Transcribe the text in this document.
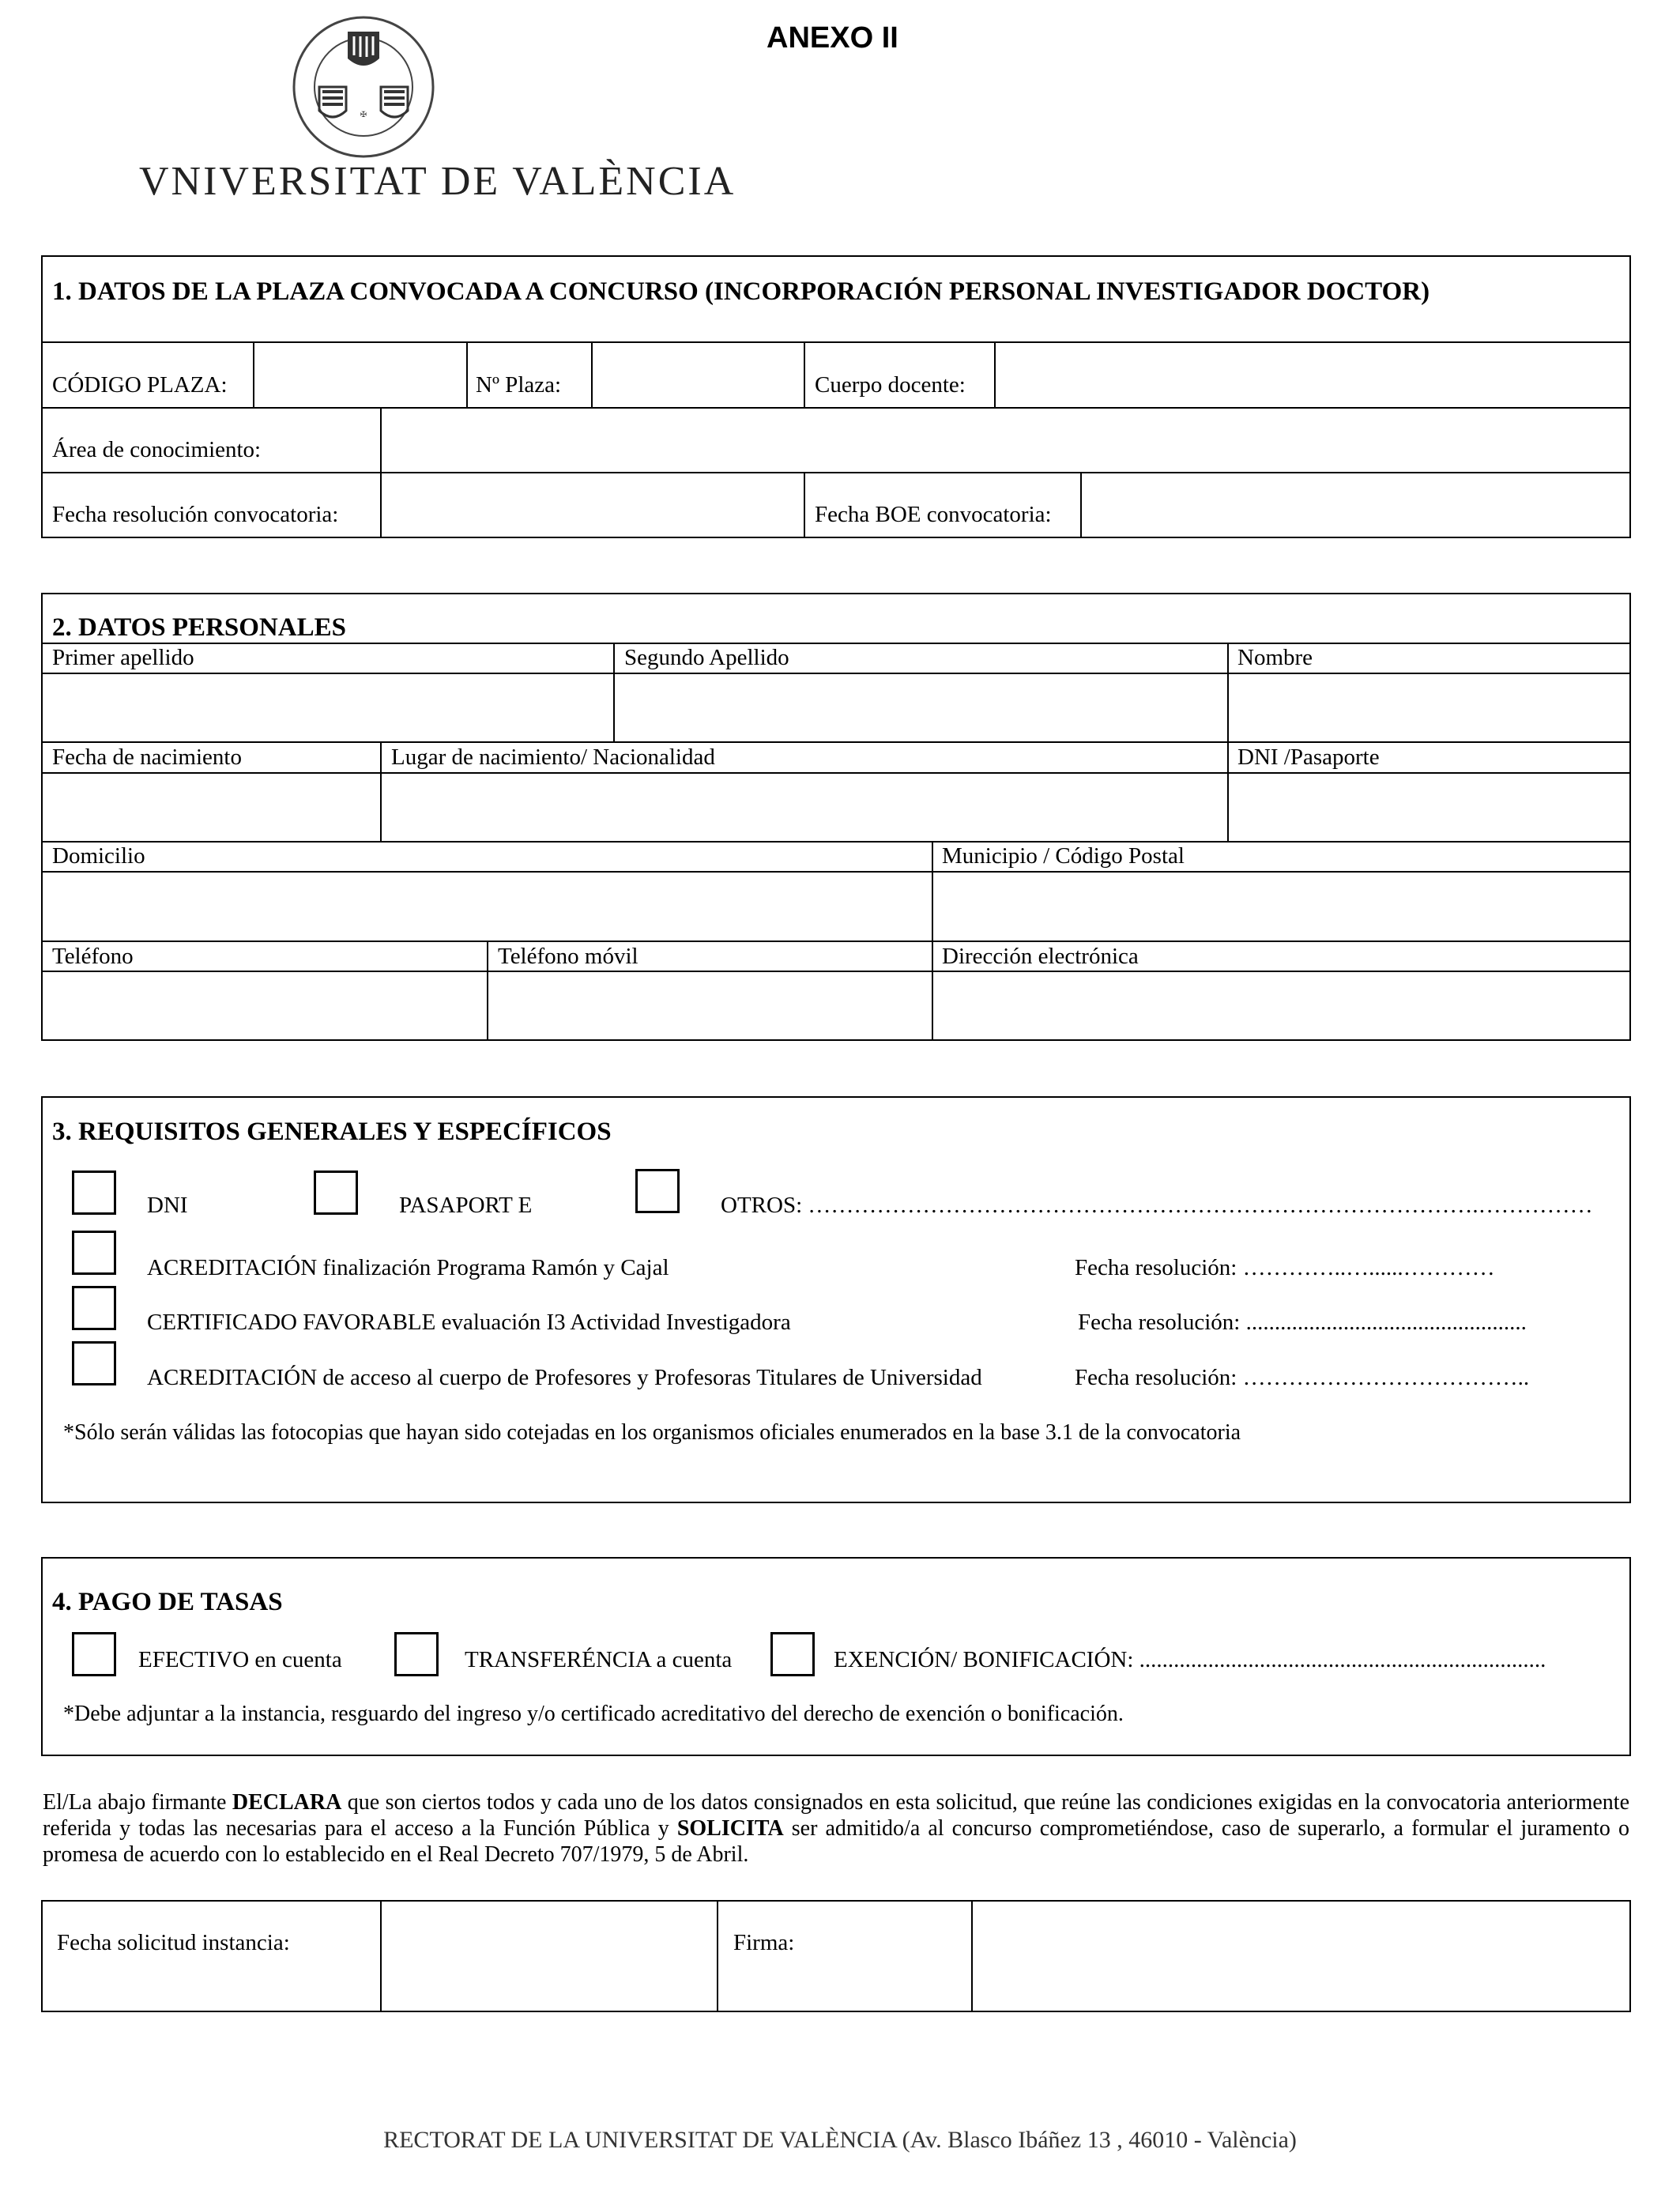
✠
VNIVERSITAT DE VALÈNCIA
ANEXO II
1. DATOS DE LA PLAZA CONVOCADA A CONCURSO (INCORPORACIÓN PERSONAL INVESTIGADOR DOCTOR)
CÓDIGO PLAZA:	Nº Plaza:	Cuerpo docente:
Área de conocimiento:
Fecha resolución convocatoria:	Fecha BOE convocatoria:
2. DATOS PERSONALES
Primer apellido	Segundo Apellido	Nombre
Fecha de nacimiento	Lugar de nacimiento/ Nacionalidad	DNI /Pasaporte
Domicilio	Municipio / Código Postal
Teléfono	Teléfono móvil	Dirección electrónica
3. REQUISITOS GENERALES Y ESPECÍFICOS
DNI	PASAPORT E	OTROS: …………………………………………………………………………….……………
ACREDITACIÓN finalización Programa Ramón y Cajal	Fecha resolución: …………..…......…………
CERTIFICADO FAVORABLE evaluación I3 Actividad Investigadora	Fecha resolución: .................................................
ACREDITACIÓN de acceso al cuerpo de Profesores y Profesoras Titulares de Universidad	Fecha resolución: ………………………………..
*Sólo serán válidas las fotocopias que hayan sido cotejadas en los organismos oficiales enumerados en la base 3.1 de la convocatoria
4. PAGO DE TASAS
EFECTIVO en cuenta	TRANSFERÉNCIA a cuenta	EXENCIÓN/ BONIFICACIÓN: .......................................................................
*Debe adjuntar a la instancia, resguardo del ingreso y/o certificado acreditativo del derecho de exención o bonificación.
El/La abajo firmante DECLARA que son ciertos todos y cada uno de los datos consignados en esta solicitud, que reúne las condiciones exigidas en la convocatoria anteriormente referida y todas las necesarias para el acceso a la Función Pública y SOLICITA ser admitido/a al concurso comprometiéndose, caso de superarlo, a formular el juramento o promesa de acuerdo con lo establecido en el Real Decreto 707/1979, 5 de Abril.
Fecha solicitud instancia:	Firma:
RECTORAT DE LA UNIVERSITAT DE VALÈNCIA (Av. Blasco Ibáñez 13 , 46010 - València)
